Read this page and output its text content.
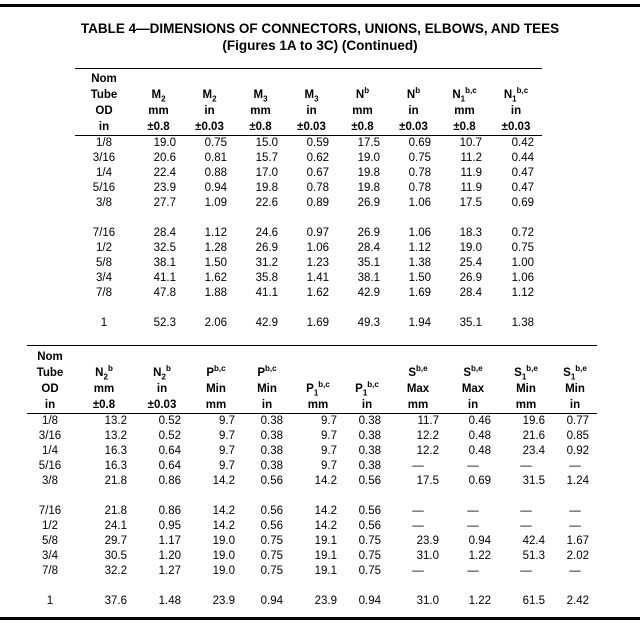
TABLE 4—DIMENSIONS OF CONNECTORS, UNIONS, ELBOWS, AND TEES
(Figures 1A to 3C) (Continued)
Nom								
Tube	$M_2$	$M_2$	$M_3$	$M_3$	$N^b$	$N^b$	$N_1^{b,c}$	$N_1^{b,c}$
OD	mm	in	mm	in	mm	in	mm	in
in	±0.8	±0.03	±0.8	±0.03	±0.8	±0.03	±0.8	±0.03
1/8	19.0	0.75	15.0	0.59	17.5	0.69	10.7	0.42
3/16	20.6	0.81	15.7	0.62	19.0	0.75	11.2	0.44
1/4	22.4	0.88	17.0	0.67	19.8	0.78	11.9	0.47
5/16	23.9	0.94	19.8	0.78	19.8	0.78	11.9	0.47
3/8	27.7	1.09	22.6	0.89	26.9	1.06	17.5	0.69

7/16	28.4	1.12	24.6	0.97	26.9	1.06	18.3	0.72
1/2	32.5	1.28	26.9	1.06	28.4	1.12	19.0	0.75
5/8	38.1	1.50	31.2	1.23	35.1	1.38	25.4	1.00
3/4	41.1	1.62	35.8	1.41	38.1	1.50	26.9	1.06
7/8	47.8	1.88	41.1	1.62	42.9	1.69	28.4	1.12

1	52.3	2.06	42.9	1.69	49.3	1.94	35.1	1.38
Nom										
Tube	$N_2^b$	$N_2^b$	P$^{b,c}$	P$^{b,c}$			S$^{b,e}$	S$^{b,e}$	$S_1^{b,e}$	$S_1^{b,e}$
OD	mm	in	Min	Min	$P_1^{b,c}$	$P_1^{b,c}$	Max	Max	Min	Min
in	±0.8	±0.03	mm	in	mm	in	mm	in	mm	in
1/8	13.2	0.52	9.7	0.38	9.7	0.38	11.7	0.46	19.6	0.77
3/16	13.2	0.52	9.7	0.38	9.7	0.38	12.2	0.48	21.6	0.85
1/4	16.3	0.64	9.7	0.38	9.7	0.38	12.2	0.48	23.4	0.92
5/16	16.3	0.64	9.7	0.38	9.7	0.38	—	—	—	—
3/8	21.8	0.86	14.2	0.56	14.2	0.56	17.5	0.69	31.5	1.24

7/16	21.8	0.86	14.2	0.56	14.2	0.56	—	—	—	—
1/2	24.1	0.95	14.2	0.56	14.2	0.56	—	—	—	—
5/8	29.7	1.17	19.0	0.75	19.1	0.75	23.9	0.94	42.4	1.67
3/4	30.5	1.20	19.0	0.75	19.1	0.75	31.0	1.22	51.3	2.02
7/8	32.2	1.27	19.0	0.75	19.1	0.75	—	—	—	—

1	37.6	1.48	23.9	0.94	23.9	0.94	31.0	1.22	61.5	2.42
